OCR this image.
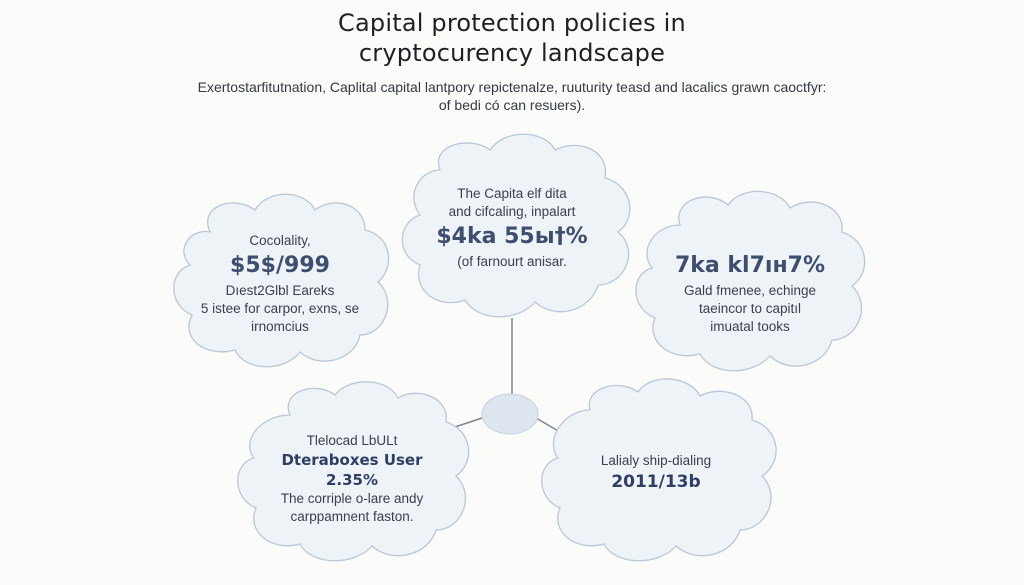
Capital protection policies in
cryptocurency landscape
Exertostarfitutnation, Caplital capital lantpory repictenalze, ruuturity teasd and lacalics grawn caoctfyr:
of bedi có can resuers).
Cocolality,
$5$/999
Dıest2Glbl Eareks
5 istee for carpor, exns, se
irnomcius
The Capita elf dita
and cifcaling, inpalart
$4ka 55ы†%
(of farnourt anisar.	7ka kl7ıн7%
Gald fmenee, echinge
taeincor to capitıl
imuatal tooks
Tlelocad LbULt
Dteraboxes User
2.35%
The corriple o-lare andy
carppamnent faston.
Lalialy ship-dialing
2011/13b
